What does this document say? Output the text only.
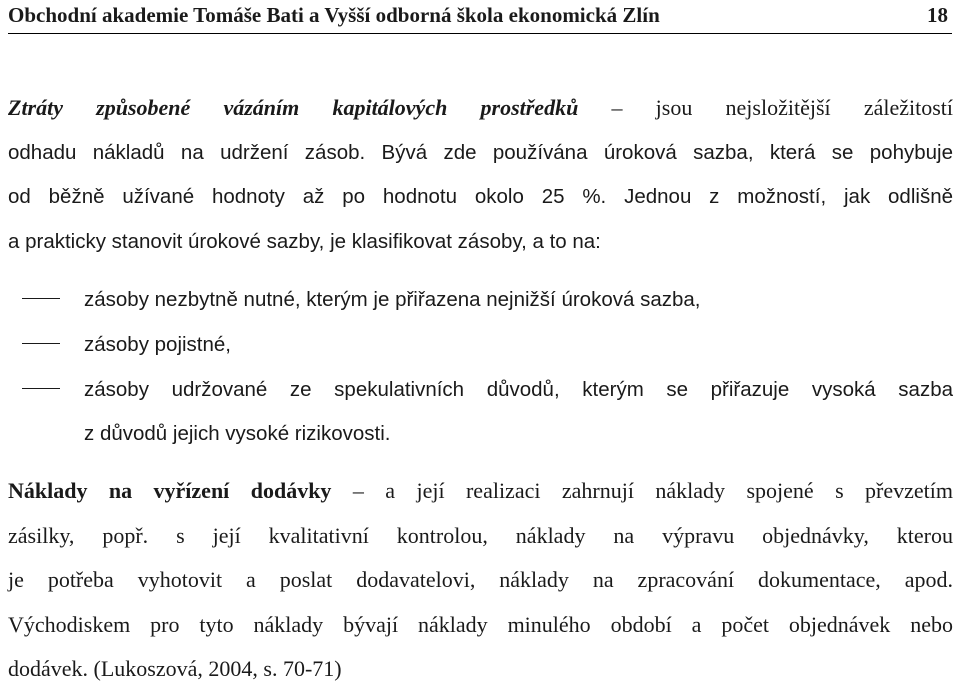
Obchodní akademie Tomáše Bati a Vyšší odborná škola ekonomická Zlín	18
Ztráty způsobené vázáním kapitálových prostředků – jsou nejsložitější záležitostí
odhadu nákladů na udržení zásob. Bývá zde používána úroková sazba, která se pohybuje
od běžně užívané hodnoty až po hodnotu okolo 25 %. Jednou z možností, jak odlišně
a prakticky stanovit úrokové sazby, je klasifikovat zásoby, a to na:
zásoby nezbytně nutné, kterým je přiřazena nejnižší úroková sazba,
zásoby pojistné,
zásoby udržované ze spekulativních důvodů, kterým se přiřazuje vysoká sazba
z důvodů jejich vysoké rizikovosti.
Náklady na vyřízení dodávky – a její realizaci zahrnují náklady spojené s převzetím
zásilky, popř. s její kvalitativní kontrolou, náklady na výpravu objednávky, kterou
je potřeba vyhotovit a poslat dodavatelovi, náklady na zpracování dokumentace, apod.
Východiskem pro tyto náklady bývají náklady minulého období a počet objednávek nebo
dodávek. (Lukoszová, 2004, s. 70-71)
